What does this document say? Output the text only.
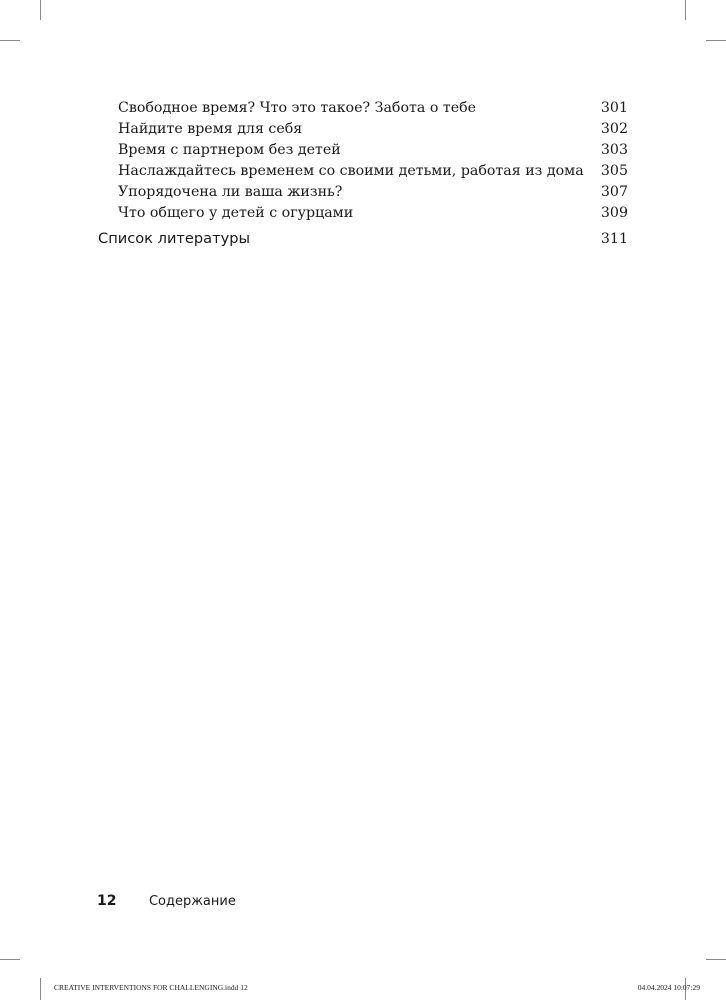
Свободное время? Что это такое? Забота о тебе	301
Найдите время для себя	302
Время с партнером без детей	303
Наслаждайтесь временем со своими детьми, работая из дома 305
Упорядочена ли ваша жизнь?	307
Что общего у детей с огурцами	309
Список литературы	311
12 Содержание
CREATIVE INTERVENTIONS FOR CHALLENGING.indd 12	04.04.2024 10:07:29
